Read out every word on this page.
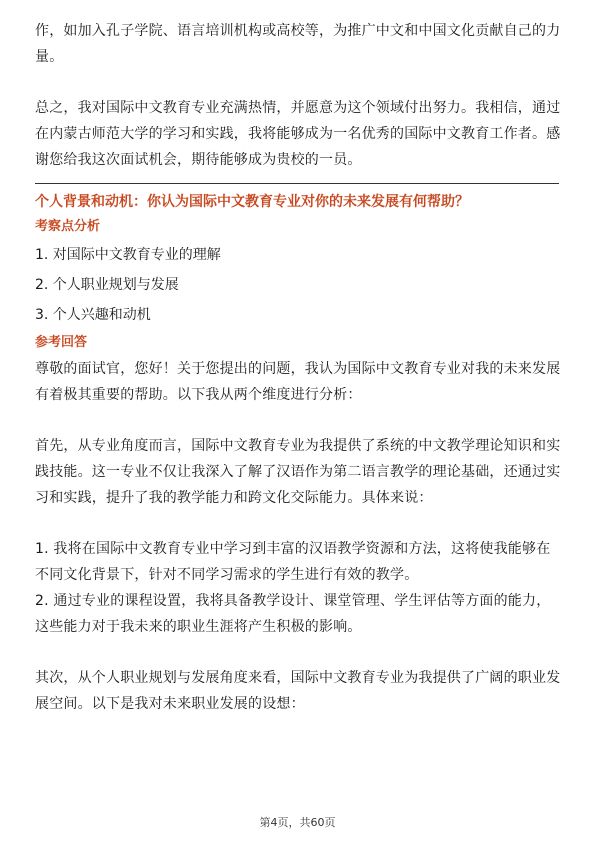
作，如加入孔子学院、语言培训机构或高校等，为推广中文和中国文化贡献自己的力量。

总之，我对国际中文教育专业充满热情，并愿意为这个领域付出努力。我相信，通过在内蒙古师范大学的学习和实践，我将能够成为一名优秀的国际中文教育工作者。感谢您给我这次面试机会，期待能够成为贵校的一员。

个人背景和动机：你认为国际中文教育专业对你的未来发展有何帮助？

考察点分析

1. 对国际中文教育专业的理解

2. 个人职业规划与发展

3. 个人兴趣和动机

参考回答

尊敬的面试官，您好！关于您提出的问题，我认为国际中文教育专业对我的未来发展有着极其重要的帮助。以下我从两个维度进行分析：

首先，从专业角度而言，国际中文教育专业为我提供了系统的中文教学理论知识和实践技能。这一专业不仅让我深入了解了汉语作为第二语言教学的理论基础，还通过实习和实践，提升了我的教学能力和跨文化交际能力。具体来说：

1. 我将在国际中文教育专业中学习到丰富的汉语教学资源和方法，这将使我能够在不同文化背景下，针对不同学习需求的学生进行有效的教学。

2. 通过专业的课程设置，我将具备教学设计、课堂管理、学生评估等方面的能力，这些能力对于我未来的职业生涯将产生积极的影响。

其次，从个人职业规划与发展角度来看，国际中文教育专业为我提供了广阔的职业发展空间。以下是我对未来职业发展的设想：

第4页，共60页
